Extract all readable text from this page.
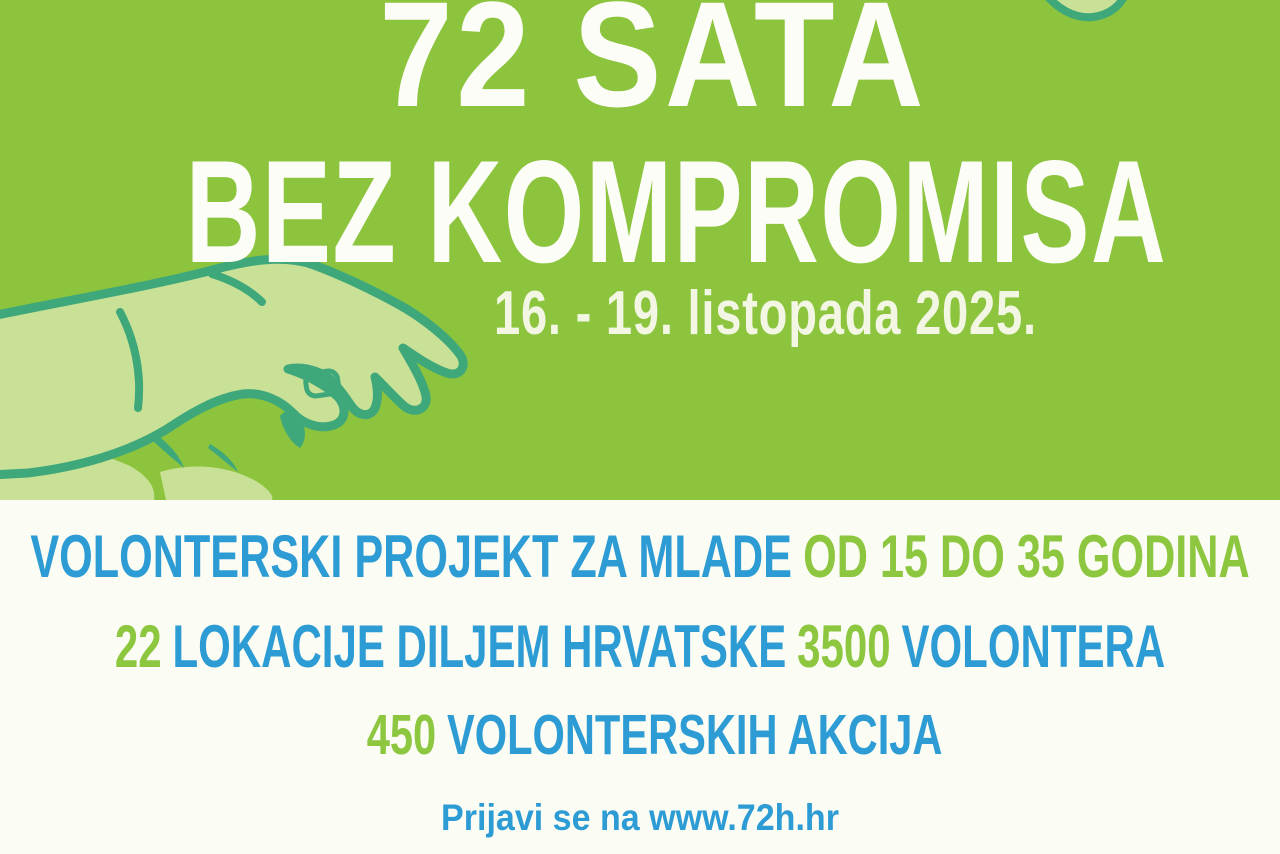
72 SATA
BEZ KOMPROMISA
16. - 19. listopada 2025.
VOLONTERSKI PROJEKT ZA MLADE OD 15 DO 35 GODINA
22 LOKACIJE DILJEM HRVATSKE 3500 VOLONTERA
450 VOLONTERSKIH AKCIJA
Prijavi se na www.72h.hr
